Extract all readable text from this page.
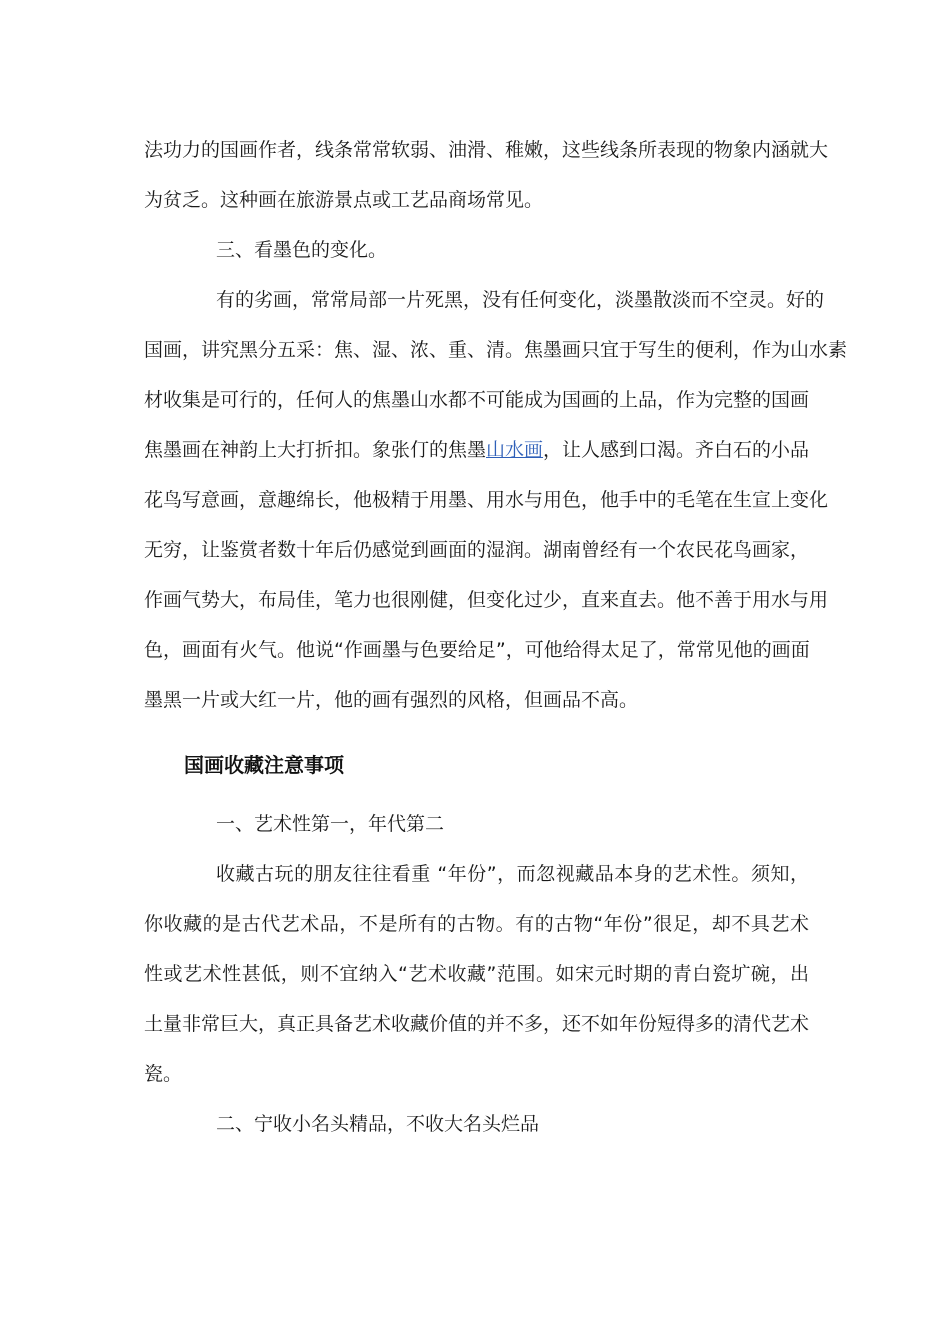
法功力的国画作者，线条常常软弱、油滑、稚嫩，这些线条所表现的物象内涵就大
为贫乏。这种画在旅游景点或工艺品商场常见。
三、看墨色的变化。
有的劣画，常常局部一片死黑，没有任何变化，淡墨散淡而不空灵。好的
国画，讲究黑分五采：焦、湿、浓、重、清。焦墨画只宜于写生的便利，作为山水素
材收集是可行的，任何人的焦墨山水都不可能成为国画的上品，作为完整的国画
焦墨画在神韵上大打折扣。象张仃的焦墨山水画，让人感到口渴。齐白石的小品
花鸟写意画，意趣绵长，他极精于用墨、用水与用色，他手中的毛笔在生宣上变化
无穷，让鉴赏者数十年后仍感觉到画面的湿润。湖南曾经有一个农民花鸟画家，
作画气势大，布局佳，笔力也很刚健，但变化过少，直来直去。他不善于用水与用
色，画面有火气。他说“作画墨与色要给足”，可他给得太足了，常常见他的画面
墨黑一片或大红一片，他的画有强烈的风格，但画品不高。
国画收藏注意事项
一、艺术性第一，年代第二
收藏古玩的朋友往往看重 “年份”，而忽视藏品本身的艺术性。须知，
你收藏的是古代艺术品，不是所有的古物。有的古物“年份”很足，却不具艺术
性或艺术性甚低，则不宜纳入“艺术收藏”范围。如宋元时期的青白瓷圹碗，出
土量非常巨大，真正具备艺术收藏价值的并不多，还不如年份短得多的清代艺术
瓷。
二、宁收小名头精品，不收大名头烂品
